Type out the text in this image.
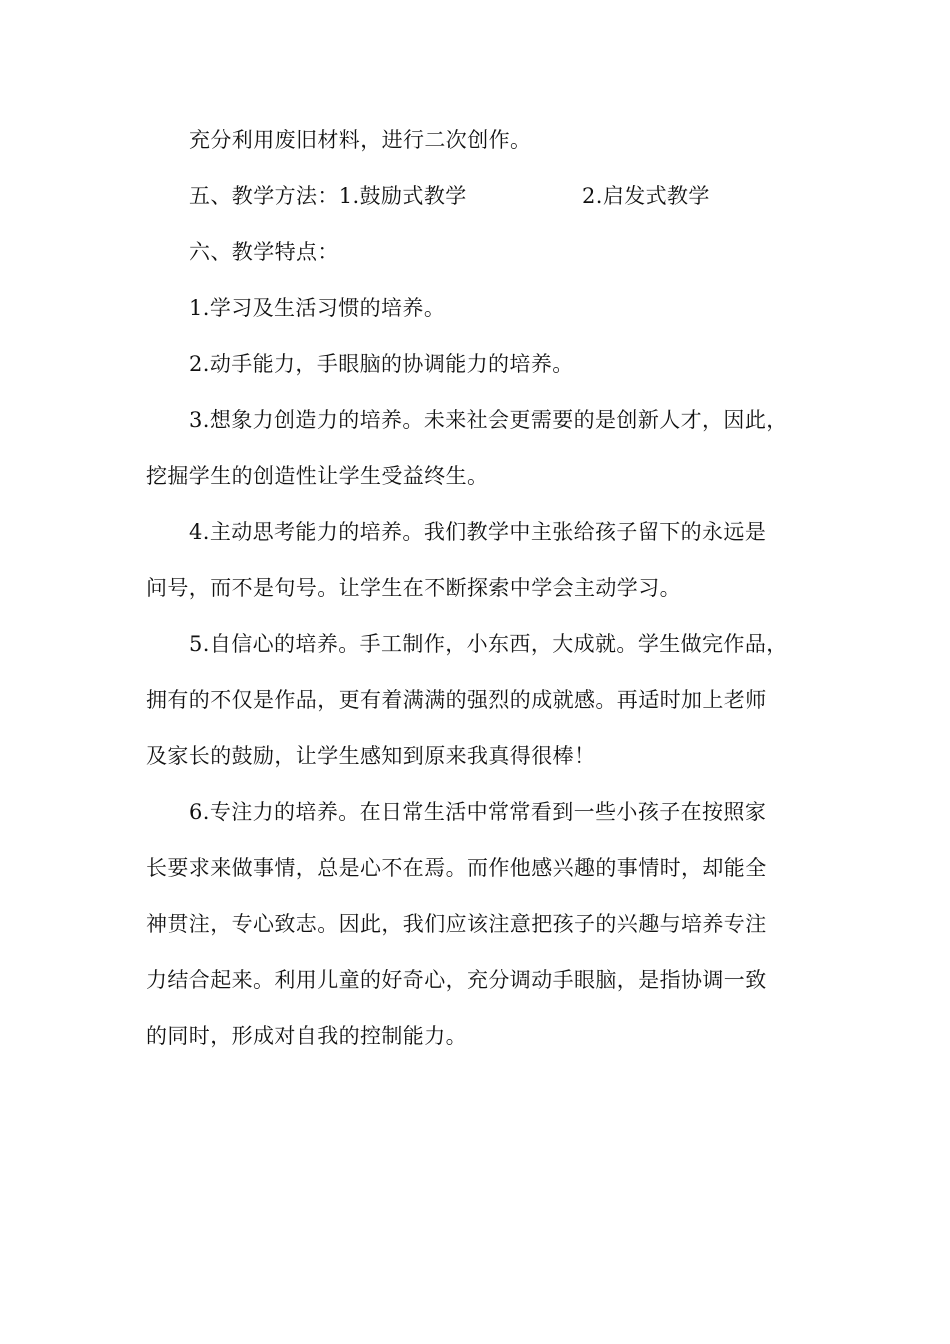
充分利用废旧材料，进行二次创作。
五、教学方法：1.鼓励式教学	2.启发式教学
六、教学特点：
1.学习及生活习惯的培养。
2.动手能力，手眼脑的协调能力的培养。
3.想象力创造力的培养。未来社会更需要的是创新人才，因此，
挖掘学生的创造性让学生受益终生。
4.主动思考能力的培养。我们教学中主张给孩子留下的永远是
问号，而不是句号。让学生在不断探索中学会主动学习。
5.自信心的培养。手工制作，小东西，大成就。学生做完作品，
拥有的不仅是作品，更有着满满的强烈的成就感。再适时加上老师
及家长的鼓励，让学生感知到原来我真得很棒！
6.专注力的培养。在日常生活中常常看到一些小孩子在按照家
长要求来做事情，总是心不在焉。而作他感兴趣的事情时，却能全
神贯注，专心致志。因此，我们应该注意把孩子的兴趣与培养专注
力结合起来。利用儿童的好奇心，充分调动手眼脑，是指协调一致
的同时，形成对自我的控制能力。
